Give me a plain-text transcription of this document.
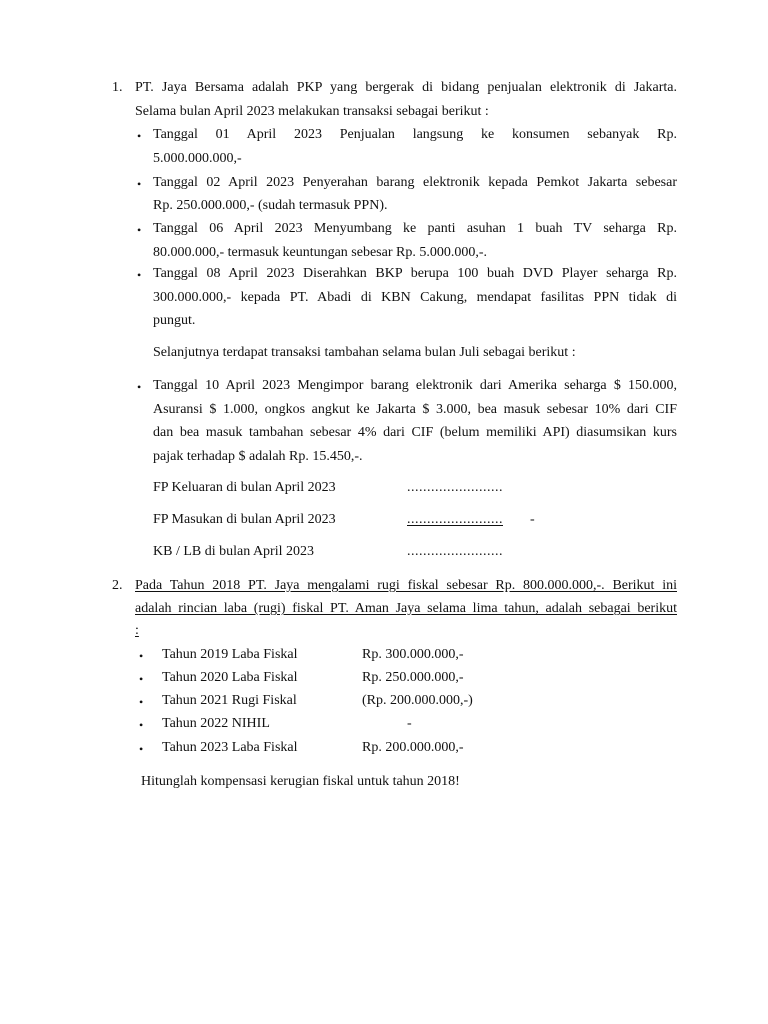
1. PT. Jaya Bersama adalah PKP yang bergerak di bidang penjualan elektronik di Jakarta.
Selama bulan April 2023 melakukan transaksi sebagai berikut :
• Tanggal 01 April 2023 Penjualan langsung ke konsumen sebanyak Rp.
5.000.000.000,-
• Tanggal 02 April 2023 Penyerahan barang elektronik kepada Pemkot Jakarta sebesar
Rp. 250.000.000,- (sudah termasuk PPN).
• Tanggal 06 April 2023 Menyumbang ke panti asuhan 1 buah TV seharga Rp.
80.000.000,- termasuk keuntungan sebesar Rp. 5.000.000,-.
• Tanggal 08 April 2023 Diserahkan BKP berupa 100 buah DVD Player seharga Rp.
300.000.000,- kepada PT. Abadi di KBN Cakung, mendapat fasilitas PPN tidak di
pungut.
Selanjutnya terdapat transaksi tambahan selama bulan Juli sebagai berikut :
• Tanggal 10 April 2023 Mengimpor barang elektronik dari Amerika seharga $ 150.000,
Asuransi $ 1.000, ongkos angkut ke Jakarta $ 3.000, bea masuk sebesar 10% dari CIF
dan bea masuk tambahan sebesar 4% dari CIF (belum memiliki API) diasumsikan kurs
pajak terhadap $ adalah Rp. 15.450,-.
FP Keluaran di bulan April 2023	........................
FP Masukan di bulan April 2023	........................ -
KB / LB di bulan April 2023	........................
2. Pada Tahun 2018 PT. Jaya mengalami rugi fiskal sebesar Rp. 800.000.000,-. Berikut ini
adalah rincian laba (rugi) fiskal PT. Aman Jaya selama lima tahun, adalah sebagai berikut
:
• Tahun 2019 Laba Fiskal	Rp. 300.000.000,-
• Tahun 2020 Laba Fiskal	Rp. 250.000.000,-
• Tahun 2021 Rugi Fiskal	(Rp. 200.000.000,-)
• Tahun 2022 NIHIL	-
• Tahun 2023 Laba Fiskal	Rp. 200.000.000,-
Hitunglah kompensasi kerugian fiskal untuk tahun 2018!
